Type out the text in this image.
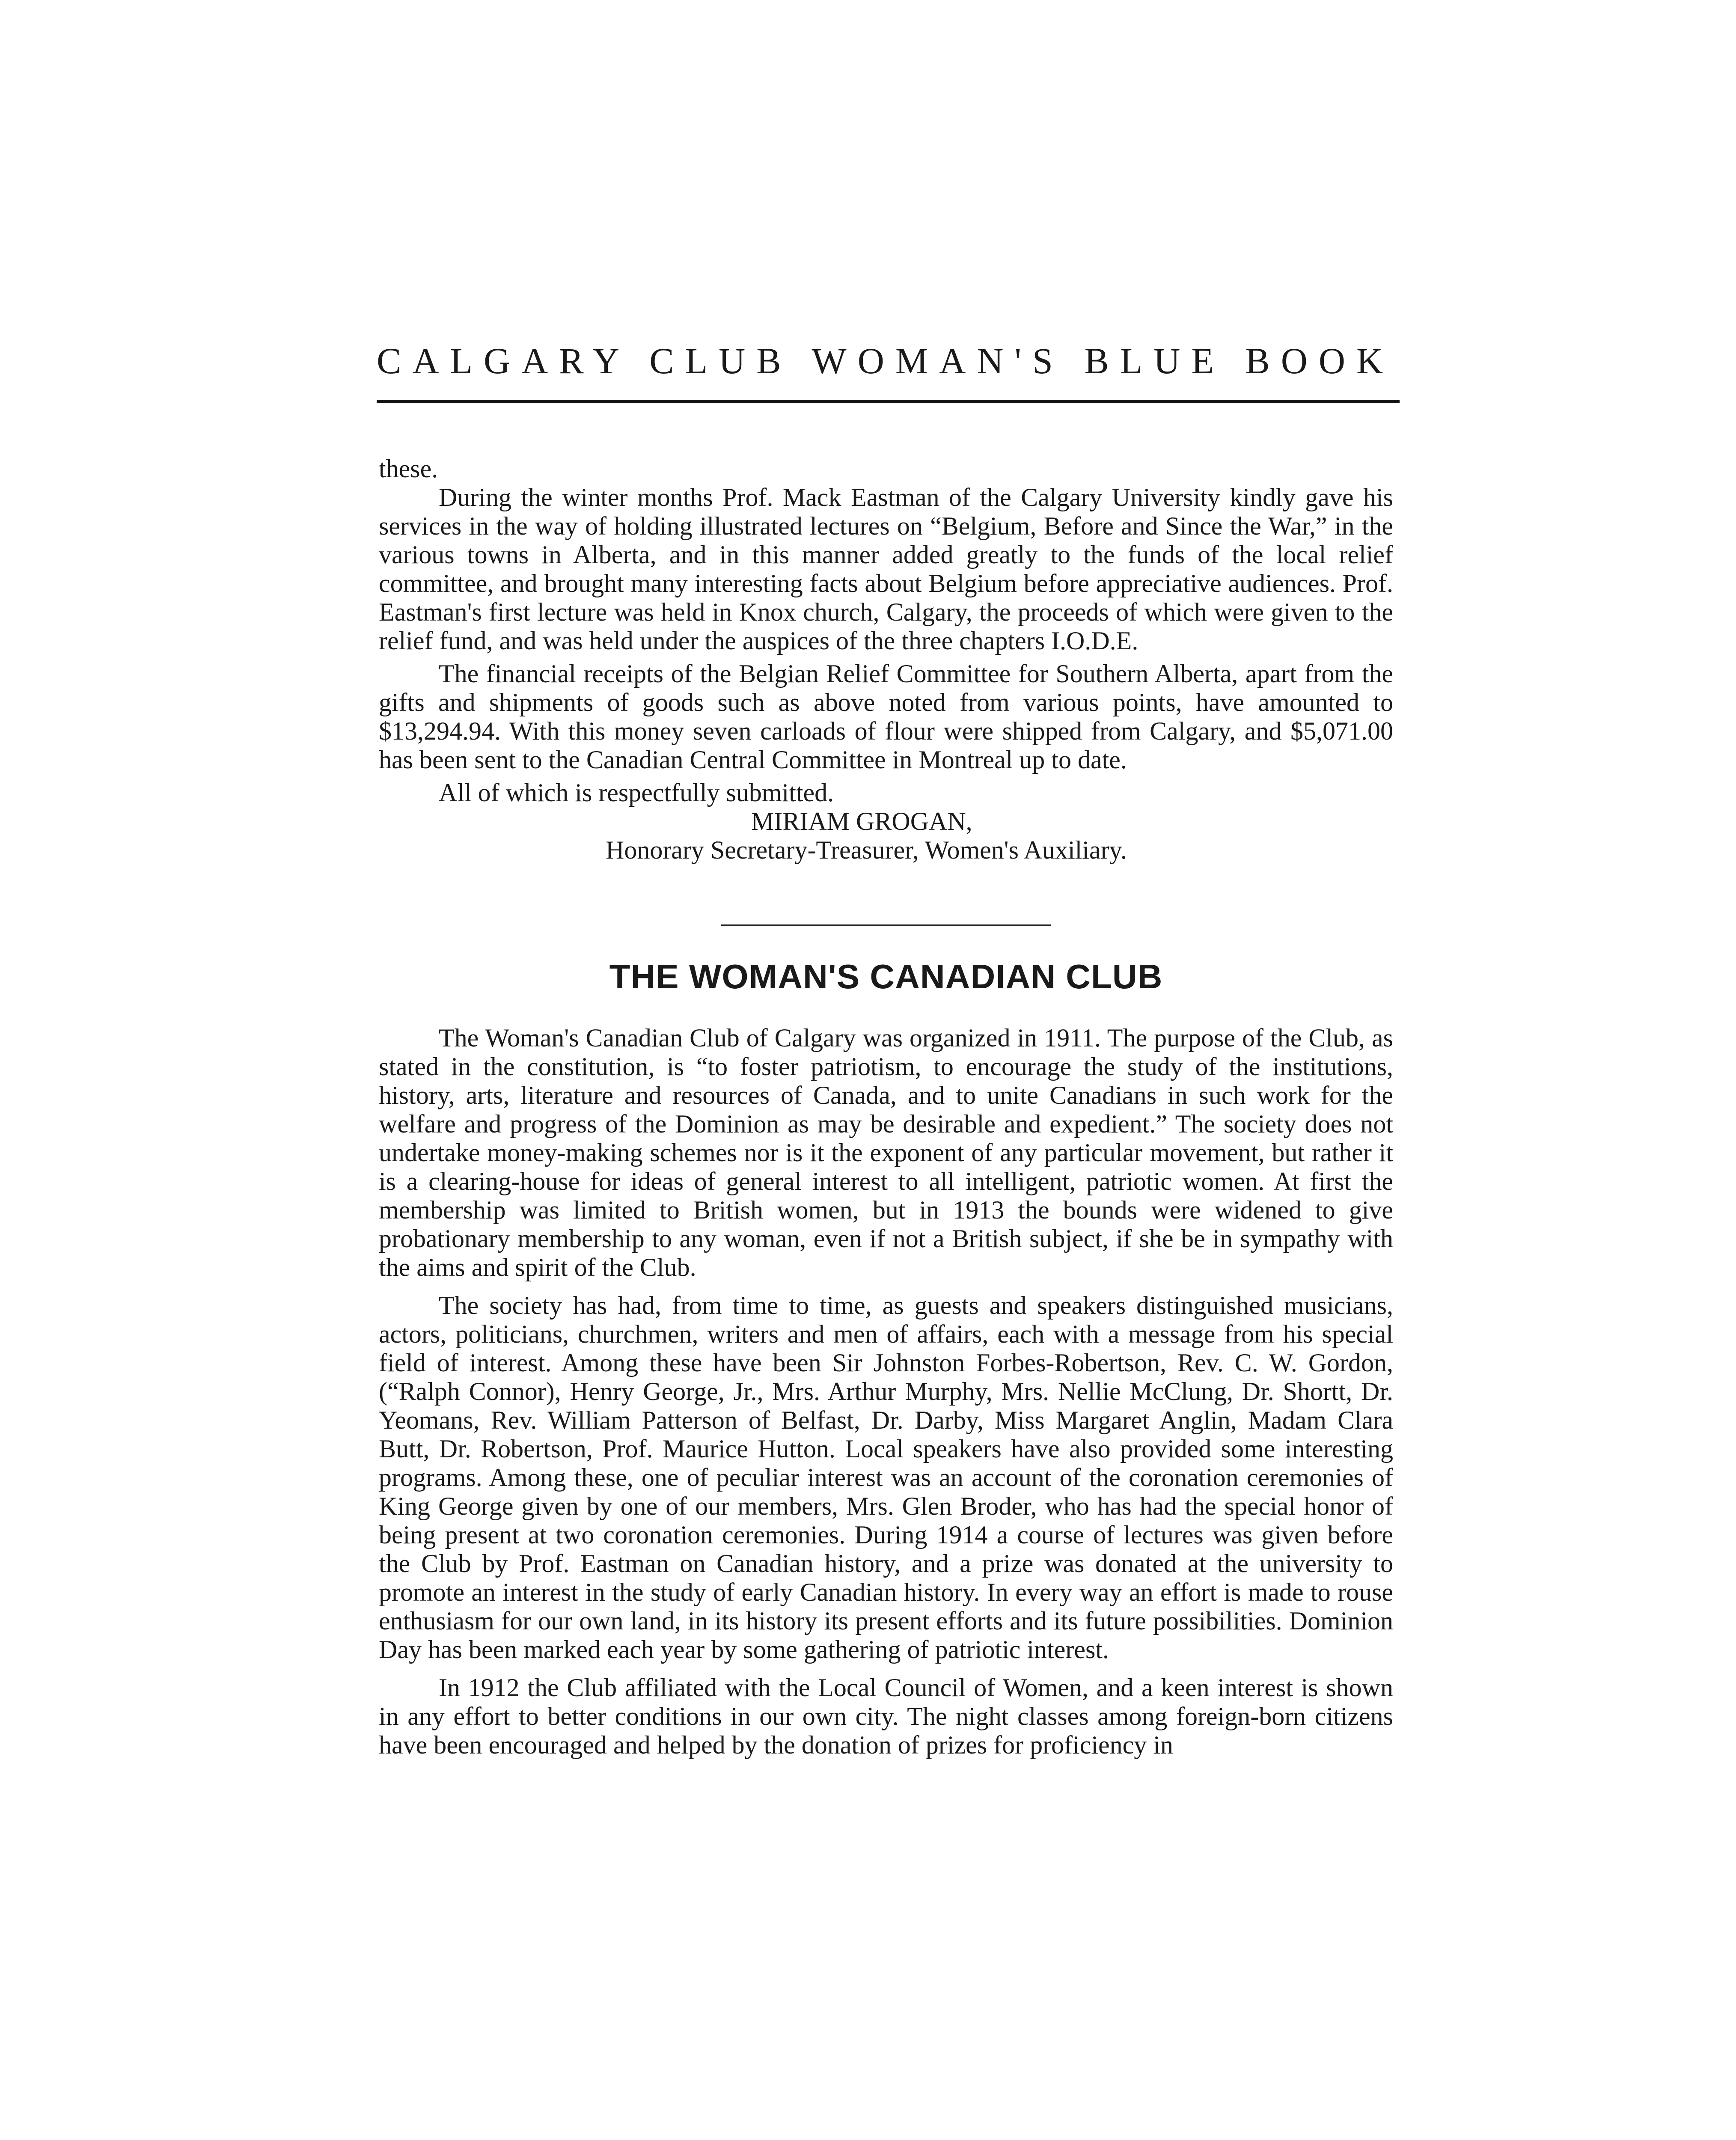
CALGARY CLUB WOMAN'S BLUE BOOK

these.

During the winter months Prof. Mack Eastman of the Calgary University kindly gave his services in the way of holding illustrated lectures on “Belgium, Before and Since the War,” in the various towns in Alberta, and in this manner added greatly to the funds of the local relief committee, and brought many interesting facts about Belgium before appreciative audiences. Prof. Eastman's first lecture was held in Knox church, Calgary, the proceeds of which were given to the relief fund, and was held under the auspices of the three chapters I.O.D.E.

The financial receipts of the Belgian Relief Committee for Southern Alberta, apart from the gifts and shipments of goods such as above noted from various points, have amounted to $13,294.94. With this money seven carloads of flour were shipped from Calgary, and $5,071.00 has been sent to the Canadian Central Committee in Montreal up to date.

All of which is respectfully submitted.

MIRIAM GROGAN,

Honorary Secretary-Treasurer, Women's Auxiliary.

THE WOMAN'S CANADIAN CLUB

The Woman's Canadian Club of Calgary was organized in 1911. The purpose of the Club, as stated in the constitution, is “to foster patriotism, to encourage the study of the institutions, history, arts, literature and resources of Canada, and to unite Canadians in such work for the welfare and progress of the Dominion as may be desirable and expedient.” The society does not undertake money-making schemes nor is it the exponent of any particular movement, but rather it is a clearing-house for ideas of general interest to all intelligent, patriotic women. At first the membership was limited to British women, but in 1913 the bounds were widened to give probationary membership to any woman, even if not a British subject, if she be in sympathy with the aims and spirit of the Club.

The society has had, from time to time, as guests and speakers distinguished musicians, actors, politicians, churchmen, writers and men of affairs, each with a message from his special field of interest. Among these have been Sir Johnston Forbes-Robertson, Rev. C. W. Gordon, (“Ralph Connor), Henry George, Jr., Mrs. Arthur Murphy, Mrs. Nellie McClung, Dr. Shortt, Dr. Yeomans, Rev. William Patterson of Belfast, Dr. Darby, Miss Margaret Anglin, Madam Clara Butt, Dr. Robertson, Prof. Maurice Hutton. Local speakers have also provided some interesting programs. Among these, one of peculiar interest was an account of the coronation ceremonies of King George given by one of our members, Mrs. Glen Broder, who has had the special honor of being present at two coronation ceremonies. During 1914 a course of lectures was given before the Club by Prof. Eastman on Canadian history, and a prize was donated at the university to promote an interest in the study of early Canadian history. In every way an effort is made to rouse enthusiasm for our own land, in its history its present efforts and its future possibilities. Dominion Day has been marked each year by some gathering of patriotic interest.

In 1912 the Club affiliated with the Local Council of Women, and a keen interest is shown in any effort to better conditions in our own city. The night classes among foreign-born citizens have been encouraged and helped by the donation of prizes for proficiency in
